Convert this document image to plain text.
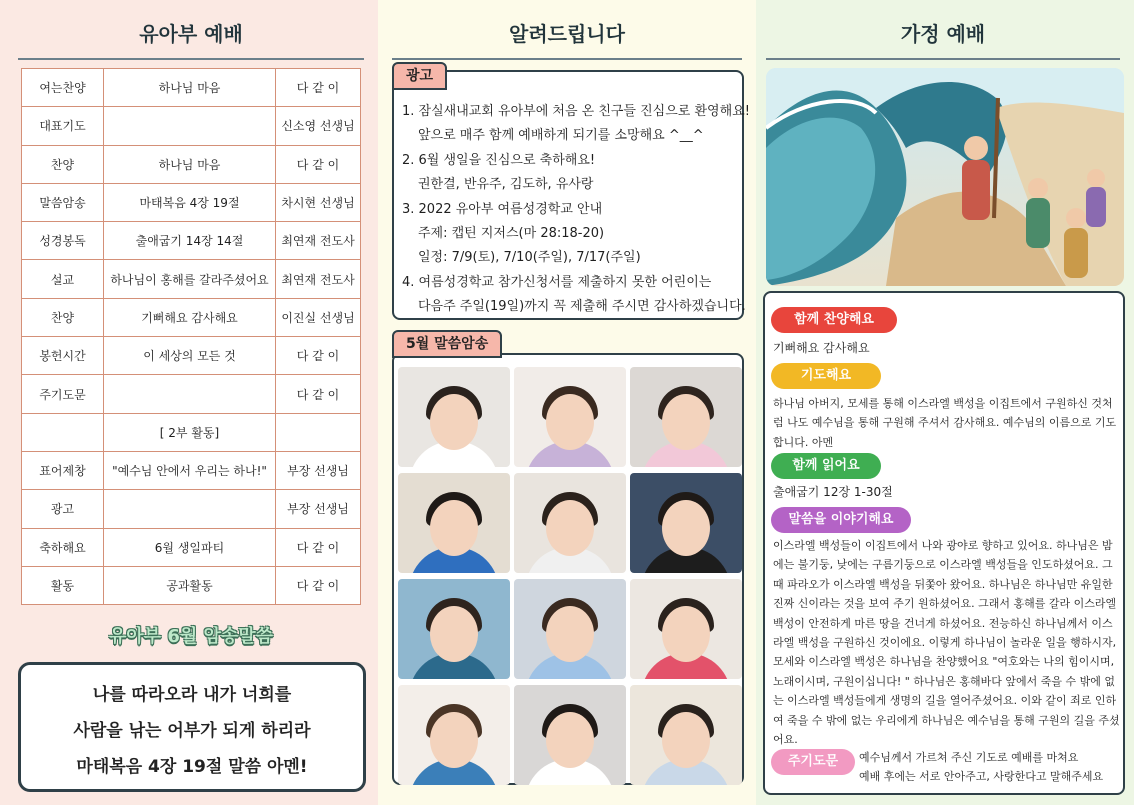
유아부 예배
여는찬양	하나님 마음	다 같 이
대표기도		신소영 선생님
찬양	하나님 마음	다 같 이
말씀암송	마태복음 4장 19절	차시현 선생님
성경봉독	출애굽기 14장 14절	최연재 전도사
설교	하나님이 홍해를 갈라주셨어요	최연재 전도사
찬양	기뻐해요 감사해요	이진실 선생님
봉헌시간	이 세상의 모든 것	다 같 이
주기도문		다 같 이
	[ 2부 활동]	
표어제창	"예수님 안에서 우리는 하나!"	부장 선생님
광고		부장 선생님
축하해요	6월 생일파티	다 같 이
활동	공과활동	다 같 이
유아부 6월 암송말씀
나를 따라오라 내가 너희를
사람을 낚는 어부가 되게 하리라
마태복음 4장 19절 말씀 아멘!
알려드립니다
1. 잠실새내교회 유아부에 처음 온 친구들 진심으로 환영해요!
앞으로 매주 함께 예배하게 되기를 소망해요 ^__^
2. 6월 생일을 진심으로 축하해요!
권한결, 반유주, 김도하, 유사랑
3. 2022 유아부 여름성경학교 안내
주제: 캡틴 지저스(마 28:18-20)
일정: 7/9(토), 7/10(주일), 7/17(주일)
4. 여름성경학교 참가신청서를 제출하지 못한 어린이는
다음주 주일(19일)까지 꼭 제출해 주시면 감사하겠습니다.
광고
5월 말씀암송
가정 예배
함께 찬양해요
기뻐해요 감사해요
기도해요
하나님 아버지, 모세를 통해 이스라엘 백성을 이집트에서 구원하신 것처럼 나도 예수님을 통해 구원해 주셔서 감사해요. 예수님의 이름으로 기도합니다. 아멘
함께 읽어요
출애굽기 12장 1-30절
말씀을 이야기해요
이스라엘 백성들이 이집트에서 나와 광야로 향하고 있어요. 하나님은 밤에는 불기둥, 낮에는 구름기둥으로 이스라엘 백성들을 인도하셨어요. 그때 파라오가 이스라엘 백성을 뒤쫓아 왔어요. 하나님은 하나님만 유일한 진짜 신이라는 것을 보여 주기 원하셨어요. 그래서 홍해를 갈라 이스라엘 백성이 안전하게 마른 땅을 건너게 하셨어요. 전능하신 하나님께서 이스라엘 백성을 구원하신 것이에요. 이렇게 하나님이 놀라운 일을 행하시자, 모세와 이스라엘 백성은 하나님을 찬양했어요 "여호와는 나의 힘이시며, 노래이시며, 구원이십니다! " 하나님은 홍해바다 앞에서 죽을 수 밖에 없는 이스라엘 백성들에게 생명의 길을 열어주셨어요. 이와 같이 죄로 인하여 죽을 수 밖에 없는 우리에게 하나님은 예수님을 통해 구원의 길을 주셨어요.
주기도문	예수님께서 가르쳐 주신 기도로 예배를 마쳐요
예배 후에는 서로 안아주고, 사랑한다고 말해주세요
